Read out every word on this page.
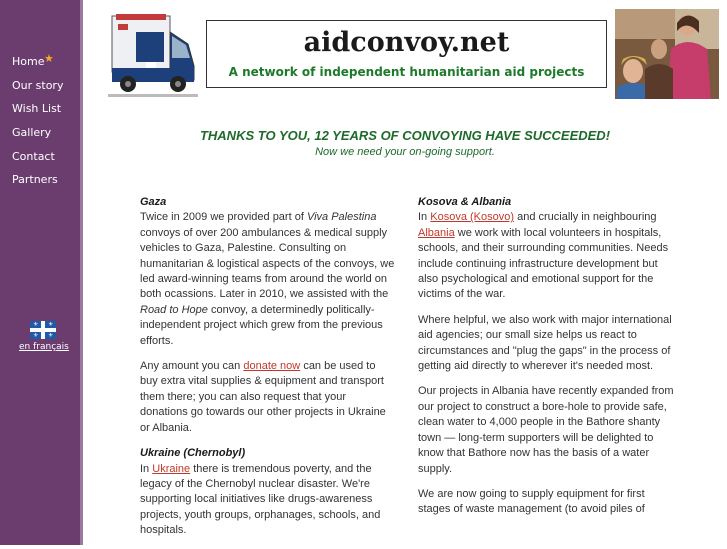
Home ★
Our story
Wish List
Gallery
Contact
Partners
⚜ ⚜
⚜ ⚜
en français
aidconvoy.net
A network of independent humanitarian aid projects
THANKS TO YOU, 12 YEARS OF CONVOYING HAVE SUCCEEDED!
Now we need your on-going support.
Gaza

Twice in 2009 we provided part of Viva Palestina convoys of over 200 ambulances & medical supply vehicles to Gaza, Palestine. Consulting on humanitarian & logistical aspects of the convoys, we led award-winning teams from around the world on both ocassions. Later in 2010, we assisted with the Road to Hope convoy, a determinedly politically-independent project which grew from the previous efforts.

Any amount you can donate now can be used to buy extra vital supplies & equipment and transport them there; you can also request that your donations go towards our other projects in Ukraine or Albania.

Ukraine (Chernobyl)

In Ukraine there is tremendous poverty, and the legacy of the Chernobyl nuclear disaster. We're supporting local initiatives like drugs-awareness projects, youth groups, orphanages, schools, and hospitals.

Kosova & Albania

In Kosova (Kosovo) and crucially in neighbouring Albania we work with local volunteers in hospitals, schools, and their surrounding communities. Needs include continuing infrastructure development but also psychological and emotional support for the victims of the war.

Where helpful, we also work with major international aid agencies; our small size helps us react to circumstances and "plug the gaps" in the process of getting aid directly to wherever it's needed most.

Our projects in Albania have recently expanded from our project to construct a bore-hole to provide safe, clean water to 4,000 people in the Bathore shanty town — long-term supporters will be delighted to know that Bathore now has the basis of a water supply.

We are now going to supply equipment for first stages of waste management (to avoid piles of
